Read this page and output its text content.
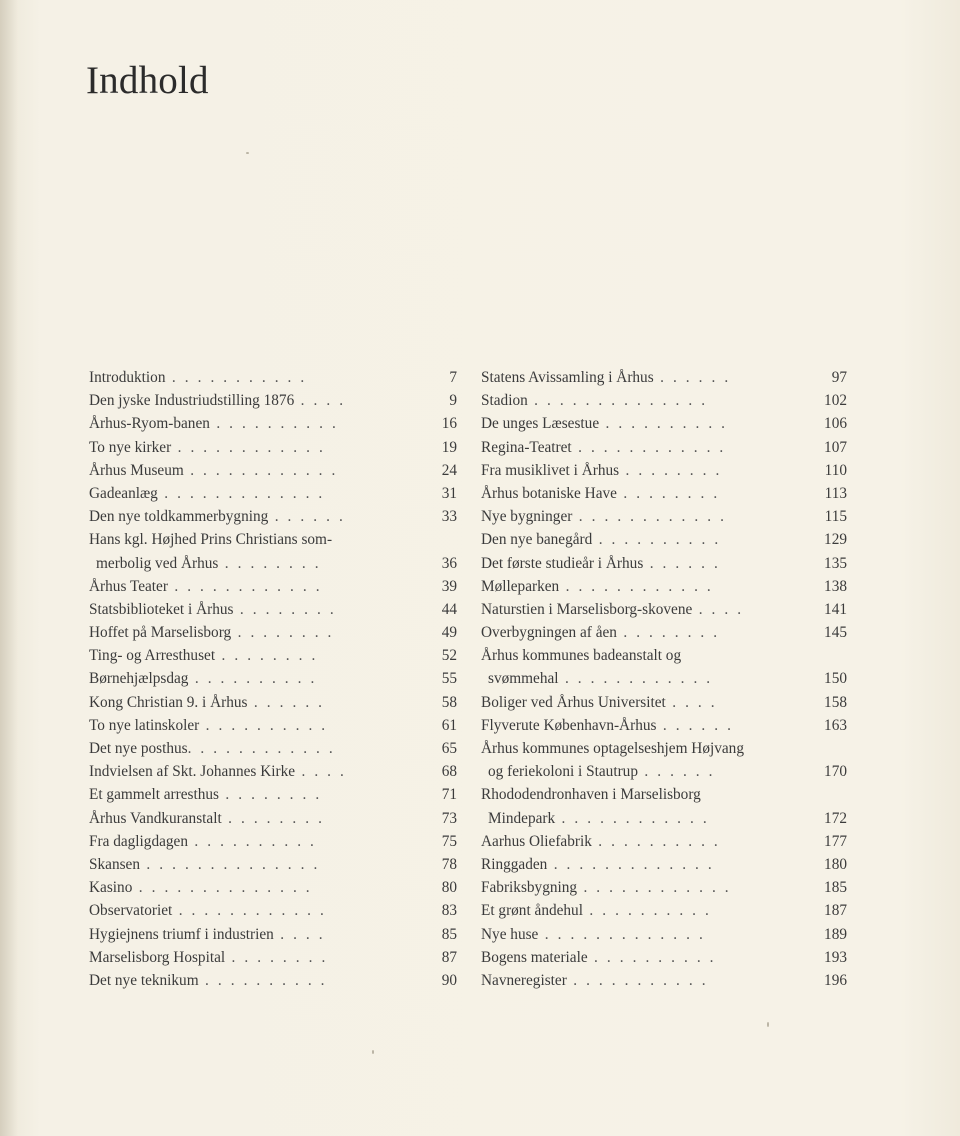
Indhold
Introduktion . . . . . . . . . . .	7
Den jyske Industriudstilling 1876 . . . .	9
Århus-Ryom-banen . . . . . . . . . .	16
To nye kirker . . . . . . . . . . . .	19
Århus Museum . . . . . . . . . . . .	24
Gadeanlæg . . . . . . . . . . . . .	31
Den nye toldkammerbygning . . . . . .	33
Hans kgl. Højhed Prins Christians som-
merbolig ved Århus . . . . . . . .	36
Århus Teater . . . . . . . . . . . .	39
Statsbiblioteket i Århus . . . . . . . .	44
Hoffet på Marselisborg . . . . . . . .	49
Ting- og Arresthuset . . . . . . . .	52
Børnehjælpsdag . . . . . . . . . .	55
Kong Christian 9. i Århus . . . . . .	58
To nye latinskoler . . . . . . . . . .	61
Det nye posthus. . . . . . . . . . . .	65
Indvielsen af Skt. Johannes Kirke . . . .	68
Et gammelt arresthus . . . . . . . .	71
Århus Vandkuranstalt . . . . . . . .	73
Fra dagligdagen . . . . . . . . . .	75
Skansen . . . . . . . . . . . . . .	78
Kasino . . . . . . . . . . . . . .	80
Observatoriet . . . . . . . . . . . .	83
Hygiejnens triumf i industrien . . . .	85
Marselisborg Hospital . . . . . . . .	87
Det nye teknikum . . . . . . . . . .	90
Statens Avissamling i Århus . . . . . .	97
Stadion . . . . . . . . . . . . . .	102
De unges Læsestue . . . . . . . . . .	106
Regina-Teatret . . . . . . . . . . . .	107
Fra musiklivet i Århus . . . . . . . .	110
Århus botaniske Have . . . . . . . .	113
Nye bygninger . . . . . . . . . . . .	115
Den nye banegård . . . . . . . . . .	129
Det første studieår i Århus . . . . . .	135
Mølleparken . . . . . . . . . . . .	138
Naturstien i Marselisborg-skovene . . . .	141
Overbygningen af åen . . . . . . . .	145
Århus kommunes badeanstalt og
svømmehal . . . . . . . . . . . .	150
Boliger ved Århus Universitet . . . .	158
Flyverute København-Århus . . . . . .	163
Århus kommunes optagelseshjem Højvang
og feriekoloni i Stautrup . . . . . .	170
Rhododendronhaven i Marselisborg
Mindepark . . . . . . . . . . . .	172
Aarhus Oliefabrik . . . . . . . . . .	177
Ringgaden . . . . . . . . . . . . .	180
Fabriksbygning . . . . . . . . . . . .	185
Et grønt åndehul . . . . . . . . . .	187
Nye huse . . . . . . . . . . . . .	189
Bogens materiale . . . . . . . . . .	193
Navneregister . . . . . . . . . . .	196
